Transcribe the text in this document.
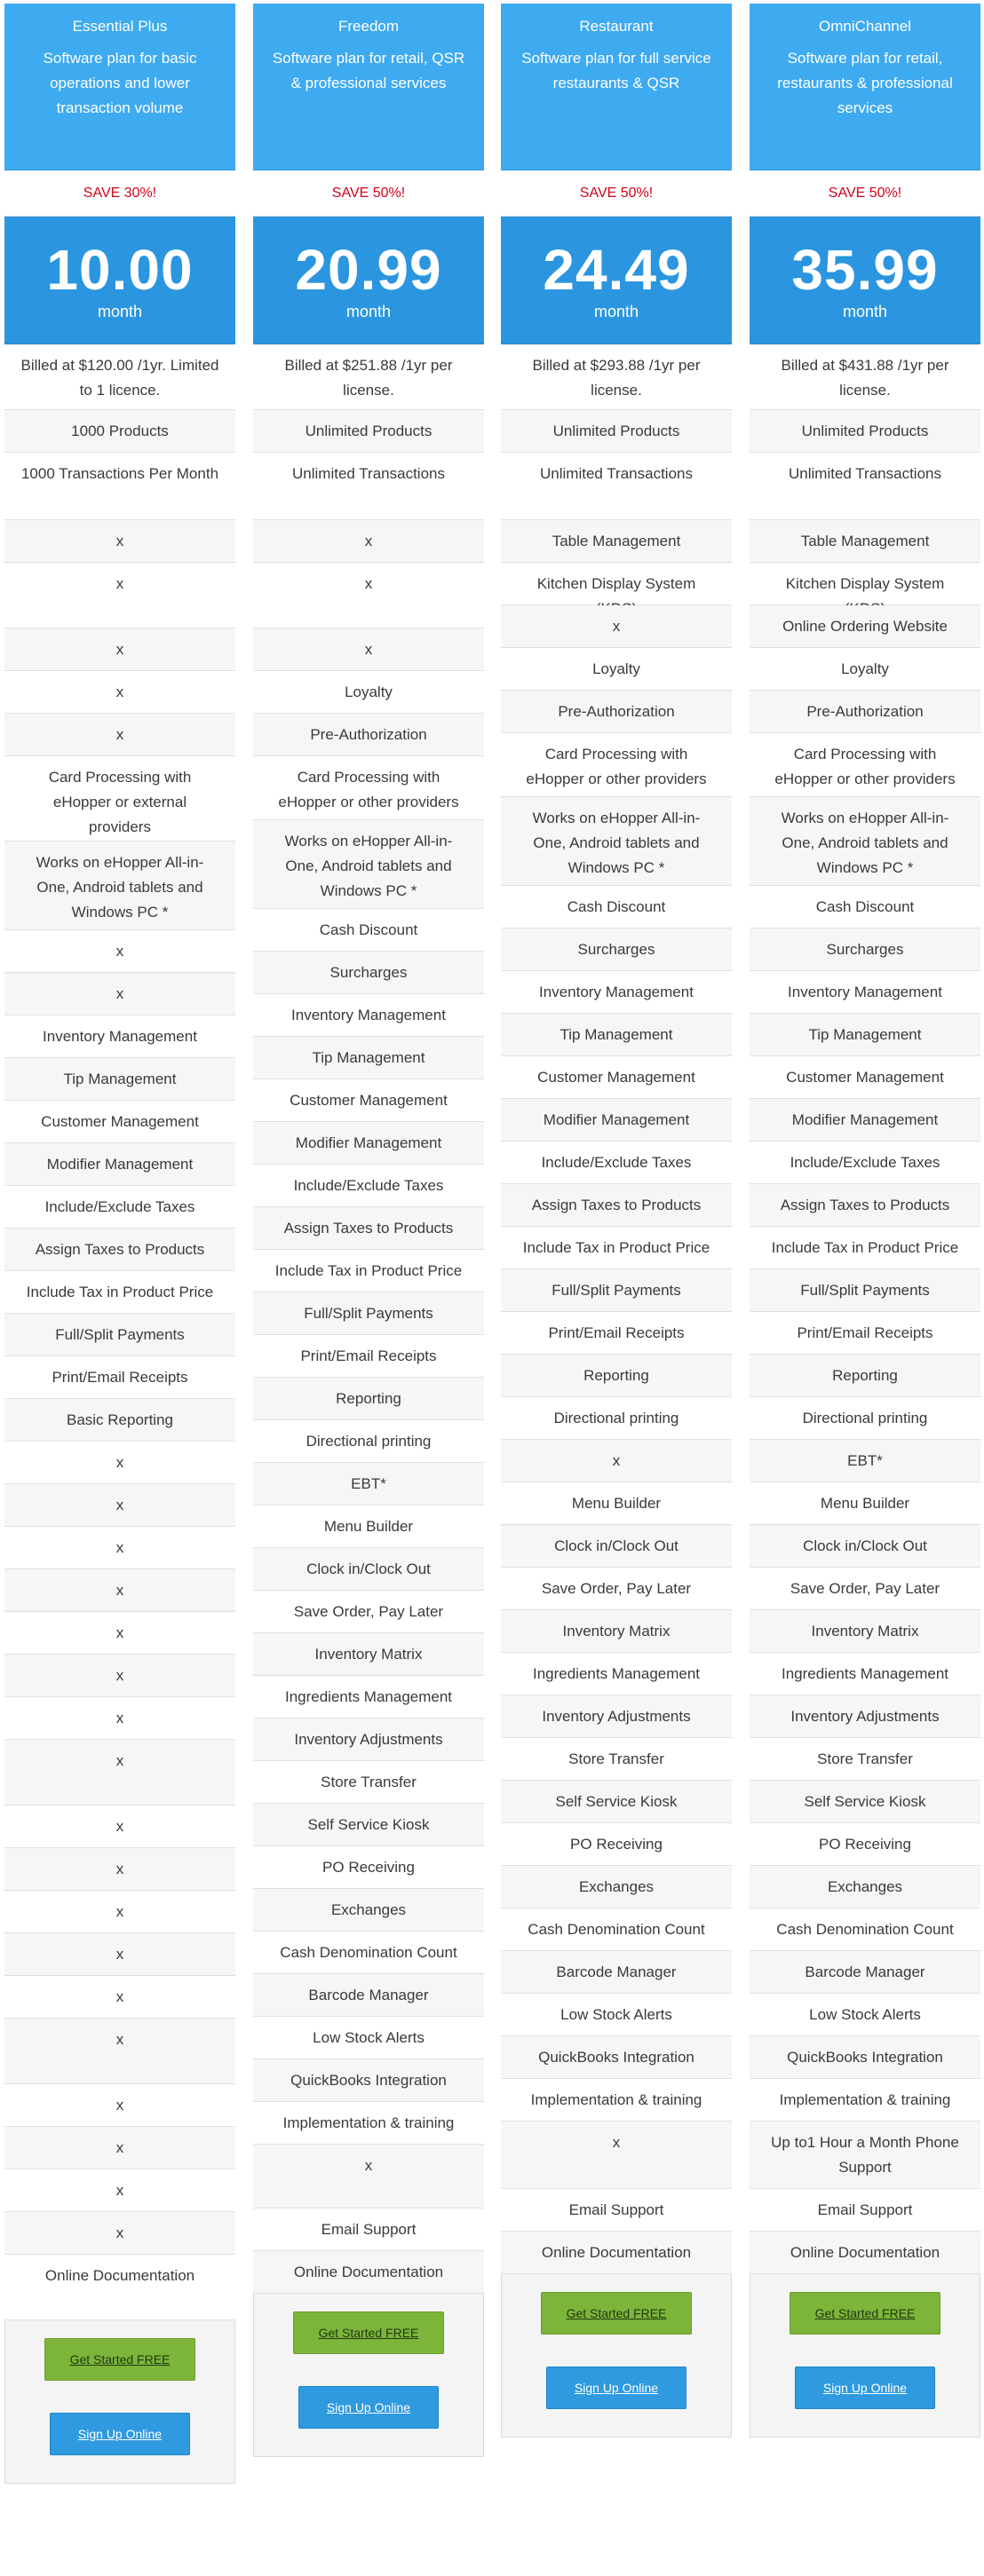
Essential Plus
Software plan for basic operations and lower transaction volume
SAVE 30%!
10.00
month
Billed at $120.00 /1yr. Limited to 1 licence.
1000 Products
1000 Transactions Per Month
x
x
x
x
x
Card Processing with eHopper or external providers
Works on eHopper All-in-One, Android tablets and Windows PC *
x
x
Inventory Management
Tip Management
Customer Management
Modifier Management
Include/Exclude Taxes
Assign Taxes to Products
Include Tax in Product Price
Full/Split Payments
Print/Email Receipts
Basic Reporting
x
x
x
x
x
x
x
x
x
x
x
x
x
x
x
x
x
x
Online Documentation
Get Started FREE
Sign Up Online
Freedom
Software plan for retail, QSR & professional services
SAVE 50%!
20.99
month
Billed at $251.88 /1yr per license.
Unlimited Products
Unlimited Transactions
x
x
x
Loyalty
Pre-Authorization
Card Processing with eHopper or other providers
Works on eHopper All-in-One, Android tablets and Windows PC *
Cash Discount
Surcharges
Inventory Management
Tip Management
Customer Management
Modifier Management
Include/Exclude Taxes
Assign Taxes to Products
Include Tax in Product Price
Full/Split Payments
Print/Email Receipts
Reporting
Directional printing
EBT*
Menu Builder
Clock in/Clock Out
Save Order, Pay Later
Inventory Matrix
Ingredients Management
Inventory Adjustments
Store Transfer
Self Service Kiosk
PO Receiving
Exchanges
Cash Denomination Count
Barcode Manager
Low Stock Alerts
QuickBooks Integration
Implementation & training
x
Email Support
Online Documentation
Get Started FREE
Sign Up Online
Restaurant
Software plan for full service restaurants & QSR
SAVE 50%!
24.49
month
Billed at $293.88 /1yr per license.
Unlimited Products
Unlimited Transactions
Table Management
Kitchen Display System
x
Loyalty
Pre-Authorization
Card Processing with eHopper or other providers
Works on eHopper All-in-One, Android tablets and Windows PC *
Cash Discount
Surcharges
Inventory Management
Tip Management
Customer Management
Modifier Management
Include/Exclude Taxes
Assign Taxes to Products
Include Tax in Product Price
Full/Split Payments
Print/Email Receipts
Reporting
Directional printing
x
Menu Builder
Clock in/Clock Out
Save Order, Pay Later
Inventory Matrix
Ingredients Management
Inventory Adjustments
Store Transfer
Self Service Kiosk
PO Receiving
Exchanges
Cash Denomination Count
Barcode Manager
Low Stock Alerts
QuickBooks Integration
Implementation & training
x
Email Support
Online Documentation
Get Started FREE
Sign Up Online
OmniChannel
Software plan for retail, restaurants & professional services
SAVE 50%!
35.99
month
Billed at $431.88 /1yr per license.
Unlimited Products
Unlimited Transactions
Table Management
Kitchen Display System
Online Ordering Website
Loyalty
Pre-Authorization
Card Processing with eHopper or other providers
Works on eHopper All-in-One, Android tablets and Windows PC *
Cash Discount
Surcharges
Inventory Management
Tip Management
Customer Management
Modifier Management
Include/Exclude Taxes
Assign Taxes to Products
Include Tax in Product Price
Full/Split Payments
Print/Email Receipts
Reporting
Directional printing
EBT*
Menu Builder
Clock in/Clock Out
Save Order, Pay Later
Inventory Matrix
Ingredients Management
Inventory Adjustments
Store Transfer
Self Service Kiosk
PO Receiving
Exchanges
Cash Denomination Count
Barcode Manager
Low Stock Alerts
QuickBooks Integration
Implementation & training
Up to1 Hour a Month Phone Support
Email Support
Online Documentation
Get Started FREE
Sign Up Online
